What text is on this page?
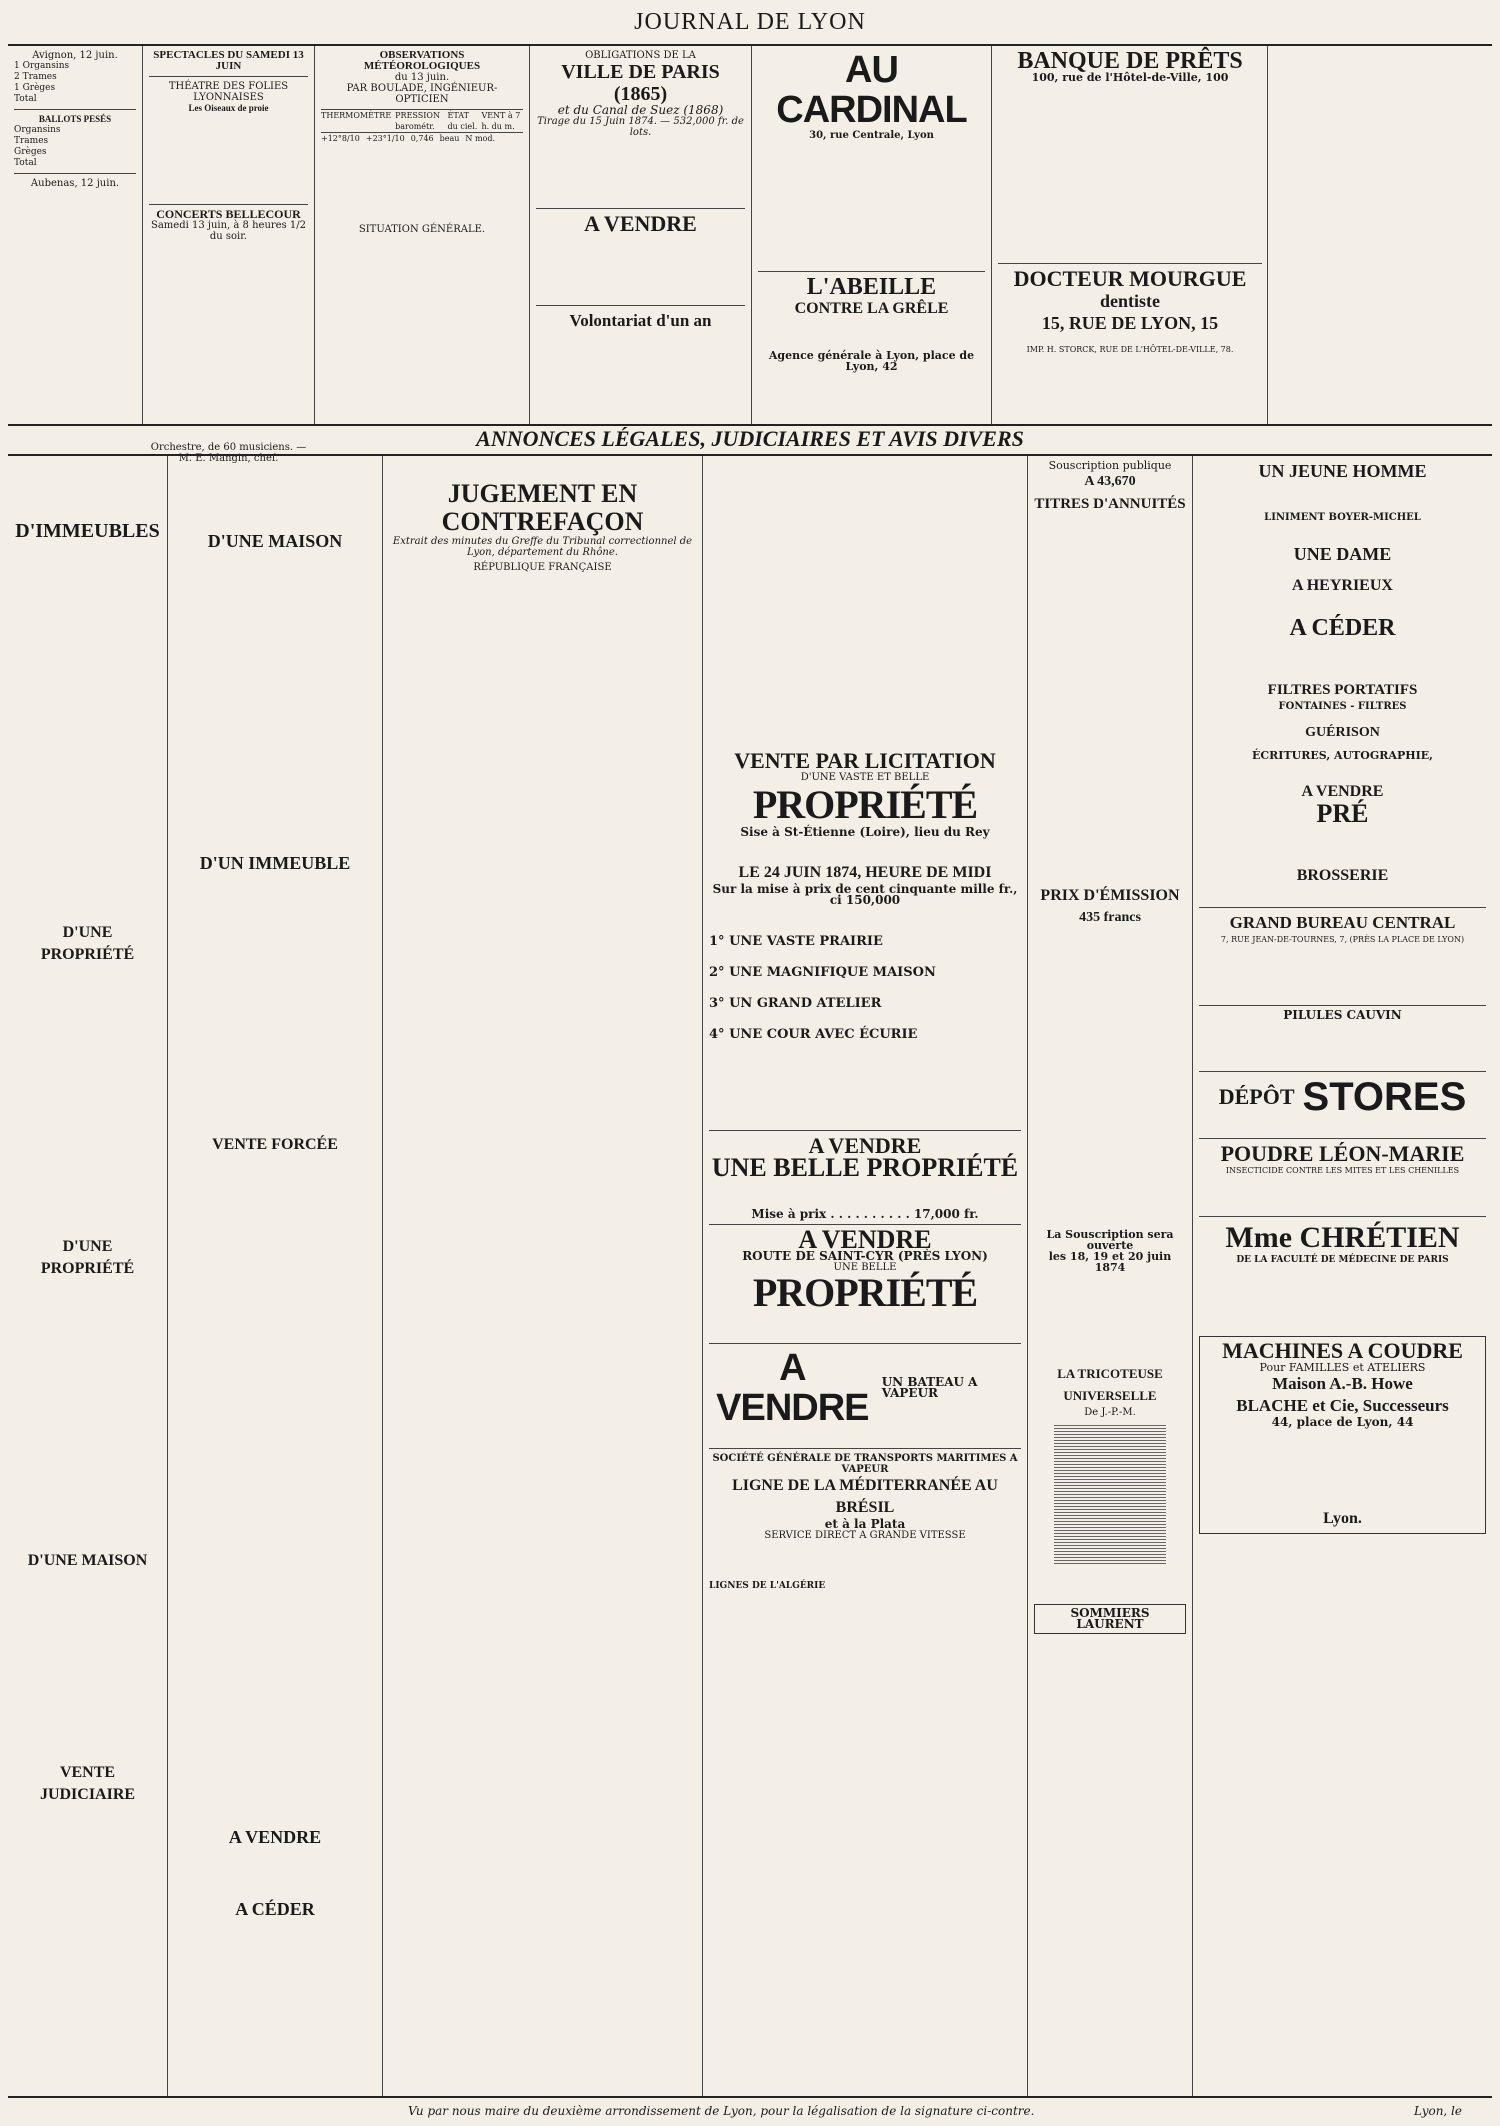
JOURNAL DE LYON
Avignon, 12 juin.
1 Organsins
2 Trames
1 Grèges
Total
BALLOTS PESÉS
Organsins
Trames
Grèges
Total
Aubenas, 12 juin.
SPECTACLES DU SAMEDI 13 JUIN
THÉATRE DES FOLIES LYONNAISES
Les Oiseaux de proie
CONCERTS BELLECOUR
Samedi 13 juin, à 8 heures 1/2 du soir.
Orchestre, de 60 musiciens. — M. E. Mangin, chef.
OBSERVATIONS MÉTÉOROLOGIQUES
du 13 juin.
PAR BOULADE, INGÉNIEUR-OPTICIEN
THERMOMÈTRE PRESSION barométr.
ÉTAT du ciel.
VENT à 7 h. du m.
+12°8/10 +23°1/10 0,746 beau N mod.
SITUATION GÉNÉRALE.
OBLIGATIONS DE LA
VILLE DE PARIS (1865)
et du Canal de Suez (1868)
Tirage du 15 Juin 1874. — 532,000 fr. de lots.
A VENDRE
Volontariat d'un an
AU CARDINAL
30, rue Centrale, Lyon
L'ABEILLE
CONTRE LA GRÊLE
Agence générale à Lyon, place de Lyon, 42
BANQUE DE PRÊTS
100, rue de l'Hôtel-de-Ville, 100
DOCTEUR MOURGUE
dentiste
15, RUE DE LYON, 15
IMP. H. STORCK, RUE DE L'HÔTEL-DE-VILLE, 78.
ANNONCES LÉGALES, JUDICIAIRES ET AVIS DIVERS
D'IMMEUBLES
D'UNE PROPRIÉTÉ
D'UNE PROPRIÉTÉ
D'UNE MAISON
VENTE JUDICIAIRE
D'UNE MAISON
D'UN IMMEUBLE
VENTE FORCÉE
A VENDRE
A CÉDER
JUGEMENT EN CONTREFAÇON
Extrait des minutes du Greffe du Tribunal correctionnel de Lyon, département du Rhône.
RÉPUBLIQUE FRANÇAISE
VENTE PAR LICITATION
D'UNE VASTE ET BELLE
PROPRIÉTÉ
Sise à St-Étienne (Loire), lieu du Rey
LE 24 JUIN 1874, HEURE DE MIDI
Sur la mise à prix de cent cinquante mille fr., ci 150,000
1° UNE VASTE PRAIRIE
2° UNE MAGNIFIQUE MAISON
3° UN GRAND ATELIER
4° UNE COUR AVEC ÉCURIE
A VENDRE
UNE BELLE PROPRIÉTÉ
Mise à prix . . . . . . . . . . 17,000 fr.
A VENDRE
ROUTE DE SAINT-CYR (PRÈS LYON)
UNE BELLE
PROPRIÉTÉ
A VENDRE
UN BATEAU A VAPEUR
SOCIÉTÉ GÉNÉRALE DE TRANSPORTS MARITIMES A VAPEUR
LIGNE DE LA MÉDITERRANÉE AU BRÉSIL
et à la Plata
SERVICE DIRECT A GRANDE VITESSE
LIGNES DE L'ALGÉRIE
Souscription publique
A 43,670
TITRES D'ANNUITÉS
PRIX D'ÉMISSION
435 francs
La Souscription sera ouverte
les 18, 19 et 20 juin 1874
LA TRICOTEUSE UNIVERSELLE
De J.-P.-M.
SOMMIERS LAURENT
UN JEUNE HOMME
LINIMENT BOYER-MICHEL
UNE DAME
A HEYRIEUX
A CÉDER
FILTRES PORTATIFS
FONTAINES - FILTRES
GUÉRISON
ÉCRITURES, AUTOGRAPHIE,
A VENDRE
PRÉ
BROSSERIE
GRAND BUREAU CENTRAL
7, RUE JEAN-DE-TOURNES, 7, (PRÈS LA PLACE DE LYON)
PILULES CAUVIN
DÉPÔT STORES
POUDRE LÉON-MARIE
INSECTICIDE CONTRE LES MITES ET LES CHENILLES
Mme CHRÉTIEN
DE LA FACULTÉ DE MÉDECINE DE PARIS
MACHINES A COUDRE
Pour FAMILLES et ATELIERS
Maison A.-B. Howe
BLACHE et Cie, Successeurs
44, place de Lyon, 44
Lyon.
Vu par nous maire du deuxième arrondissement de Lyon, pour la légalisation de la signature ci-contre.	Lyon, le
